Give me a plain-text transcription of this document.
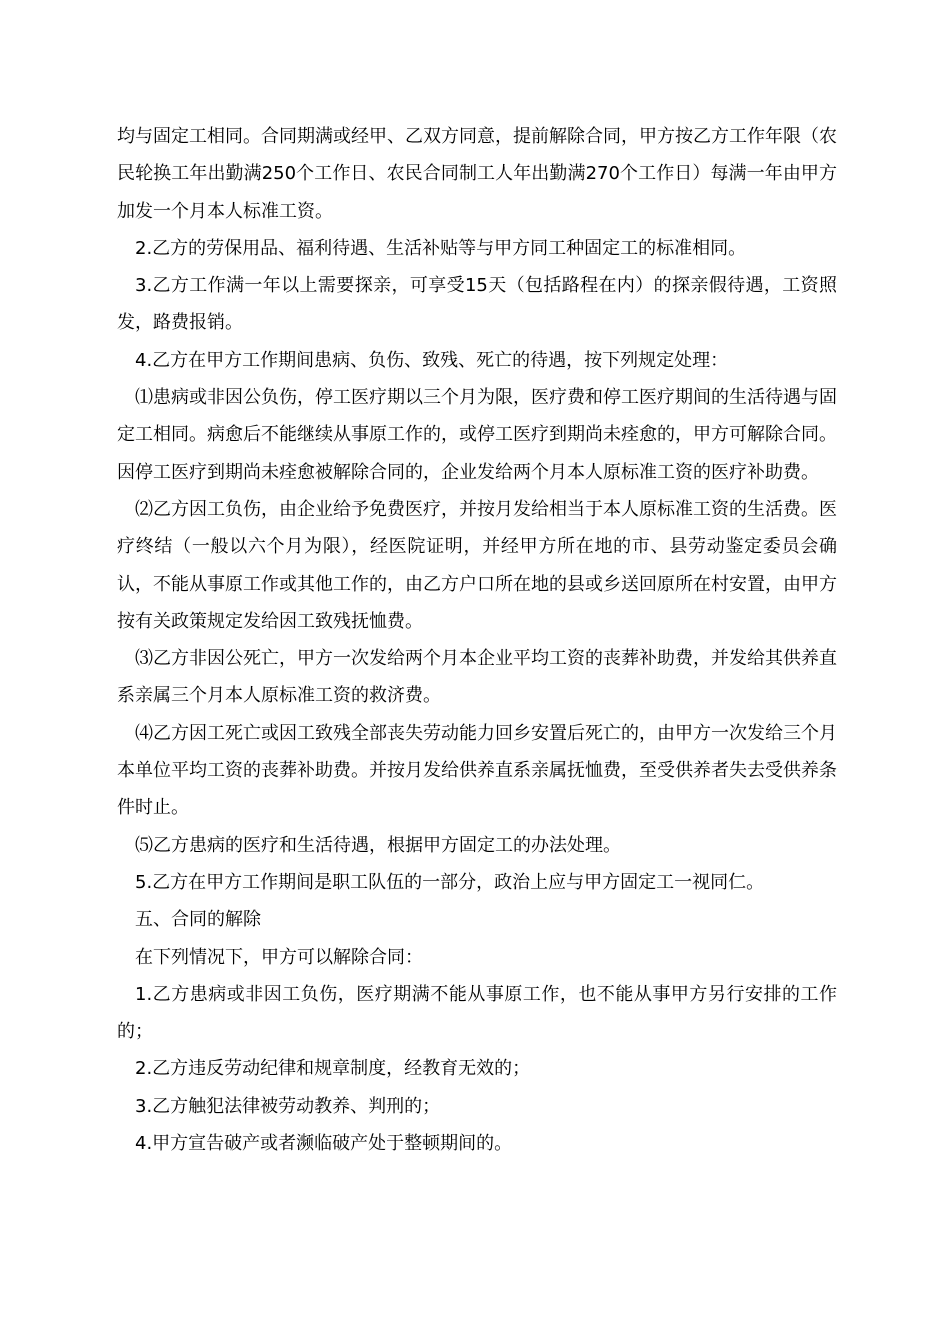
均与固定工相同。合同期满或经甲、乙双方同意，提前解除合同，甲方按乙方工作年限（农民轮换工年出勤满250个工作日、农民合同制工人年出勤满270个工作日）每满一年由甲方加发一个月本人标准工资。

2.乙方的劳保用品、福利待遇、生活补贴等与甲方同工种固定工的标准相同。

3.乙方工作满一年以上需要探亲，可享受15天（包括路程在内）的探亲假待遇，工资照发，路费报销。

4.乙方在甲方工作期间患病、负伤、致残、死亡的待遇，按下列规定处理：

⑴患病或非因公负伤，停工医疗期以三个月为限，医疗费和停工医疗期间的生活待遇与固定工相同。病愈后不能继续从事原工作的，或停工医疗到期尚未痊愈的，甲方可解除合同。因停工医疗到期尚未痊愈被解除合同的，企业发给两个月本人原标准工资的医疗补助费。

⑵乙方因工负伤，由企业给予免费医疗，并按月发给相当于本人原标准工资的生活费。医疗终结（一般以六个月为限），经医院证明，并经甲方所在地的市、县劳动鉴定委员会确认，不能从事原工作或其他工作的，由乙方户口所在地的县或乡送回原所在村安置，由甲方按有关政策规定发给因工致残抚恤费。

⑶乙方非因公死亡，甲方一次发给两个月本企业平均工资的丧葬补助费，并发给其供养直系亲属三个月本人原标准工资的救济费。

⑷乙方因工死亡或因工致残全部丧失劳动能力回乡安置后死亡的，由甲方一次发给三个月本单位平均工资的丧葬补助费。并按月发给供养直系亲属抚恤费，至受供养者失去受供养条件时止。

⑸乙方患病的医疗和生活待遇，根据甲方固定工的办法处理。

5.乙方在甲方工作期间是职工队伍的一部分，政治上应与甲方固定工一视同仁。

五、合同的解除

在下列情况下，甲方可以解除合同：

1.乙方患病或非因工负伤，医疗期满不能从事原工作，也不能从事甲方另行安排的工作的；

2.乙方违反劳动纪律和规章制度，经教育无效的；

3.乙方触犯法律被劳动教养、判刑的；

4.甲方宣告破产或者濒临破产处于整顿期间的。
